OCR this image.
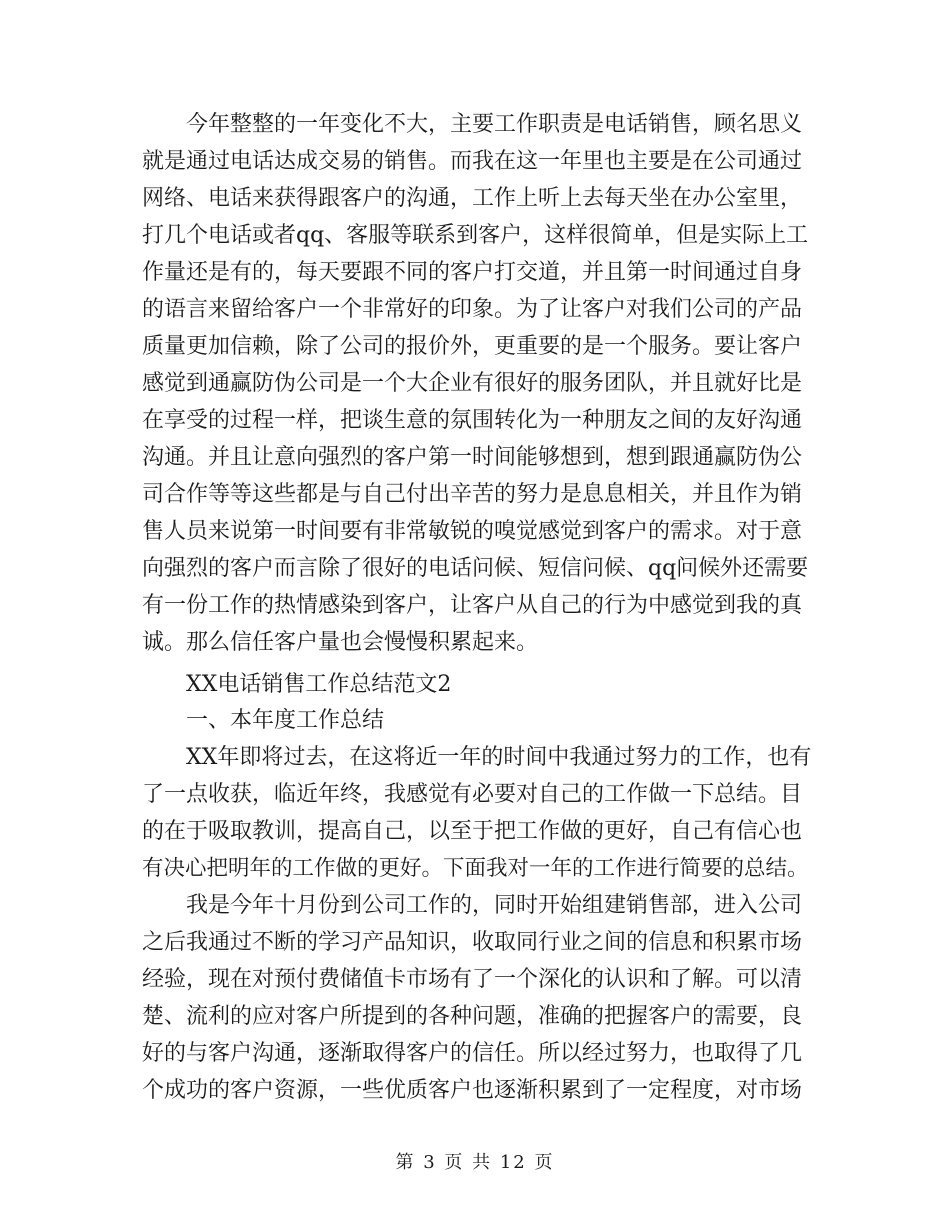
　　今年整整的一年变化不大，主要工作职责是电话销售，顾名思义
就是通过电话达成交易的销售。而我在这一年里也主要是在公司通过
网络、电话来获得跟客户的沟通，工作上听上去每天坐在办公室里，
打几个电话或者qq、客服等联系到客户，这样很简单，但是实际上工
作量还是有的，每天要跟不同的客户打交道，并且第一时间通过自身
的语言来留给客户一个非常好的印象。为了让客户对我们公司的产品
质量更加信赖，除了公司的报价外，更重要的是一个服务。要让客户
感觉到通赢防伪公司是一个大企业有很好的服务团队，并且就好比是
在享受的过程一样，把谈生意的氛围转化为一种朋友之间的友好沟通
沟通。并且让意向强烈的客户第一时间能够想到，想到跟通赢防伪公
司合作等等这些都是与自己付出辛苦的努力是息息相关，并且作为销
售人员来说第一时间要有非常敏锐的嗅觉感觉到客户的需求。对于意
向强烈的客户而言除了很好的电话问候、短信问候、qq问候外还需要
有一份工作的热情感染到客户，让客户从自己的行为中感觉到我的真
诚。那么信任客户量也会慢慢积累起来。
　　XX电话销售工作总结范文2
　　一、本年度工作总结
　　XX年即将过去，在这将近一年的时间中我通过努力的工作，也有
了一点收获，临近年终，我感觉有必要对自己的工作做一下总结。目
的在于吸取教训，提高自己，以至于把工作做的更好，自己有信心也
有决心把明年的工作做的更好。下面我对一年的工作进行简要的总结。
　　我是今年十月份到公司工作的，同时开始组建销售部，进入公司
之后我通过不断的学习产品知识，收取同行业之间的信息和积累市场
经验，现在对预付费储值卡市场有了一个深化的认识和了解。可以清
楚、流利的应对客户所提到的各种问题，准确的把握客户的需要，良
好的与客户沟通，逐渐取得客户的信任。所以经过努力，也取得了几
个成功的客户资源，一些优质客户也逐渐积累到了一定程度，对市场
第 3 页 共 12 页
